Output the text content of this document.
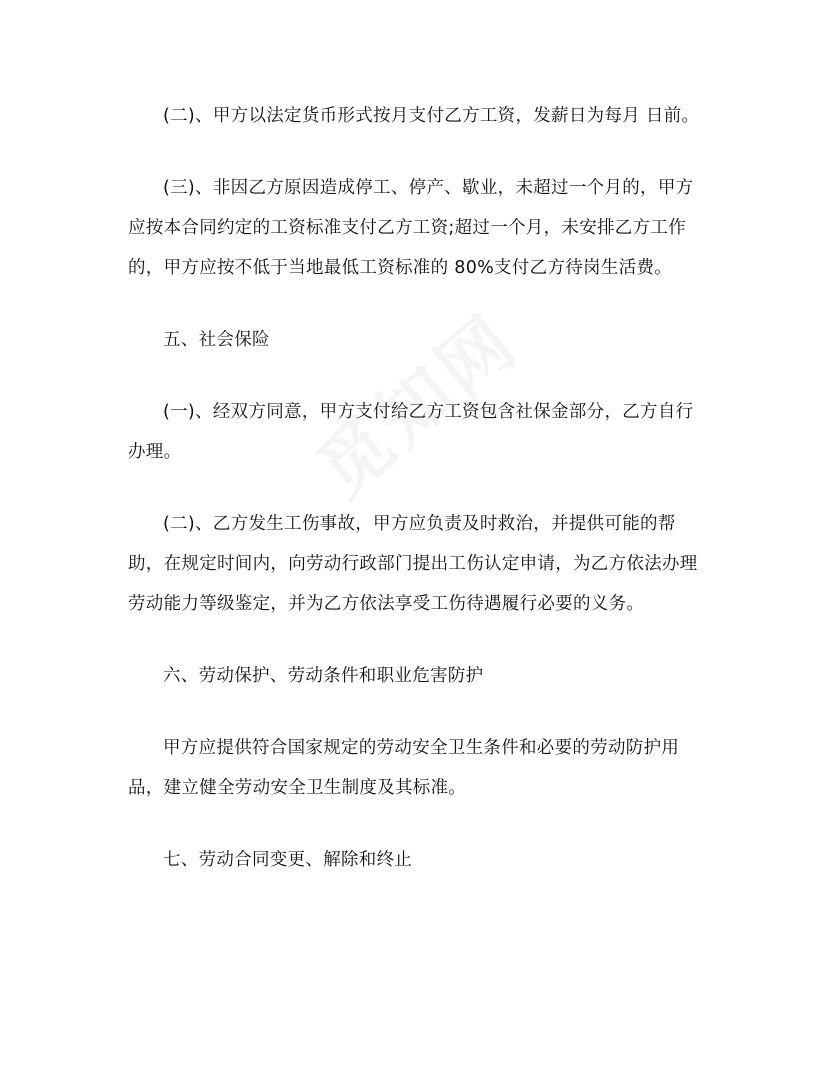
(二)、甲方以法定货币形式按月支付乙方工资，发薪日为每月 日前。

(三)、非因乙方原因造成停工、停产、歇业，未超过一个月的，甲方应按本合同约定的工资标准支付乙方工资;超过一个月，未安排乙方工作的，甲方应按不低于当地最低工资标准的 80%支付乙方待岗生活费。

五、社会保险

(一)、经双方同意，甲方支付给乙方工资包含社保金部分，乙方自行办理。

(二)、乙方发生工伤事故，甲方应负责及时救治，并提供可能的帮助，在规定时间内，向劳动行政部门提出工伤认定申请，为乙方依法办理劳动能力等级鉴定，并为乙方依法享受工伤待遇履行必要的义务。

六、劳动保护、劳动条件和职业危害防护

甲方应提供符合国家规定的劳动安全卫生条件和必要的劳动防护用品，建立健全劳动安全卫生制度及其标准。

七、劳动合同变更、解除和终止
